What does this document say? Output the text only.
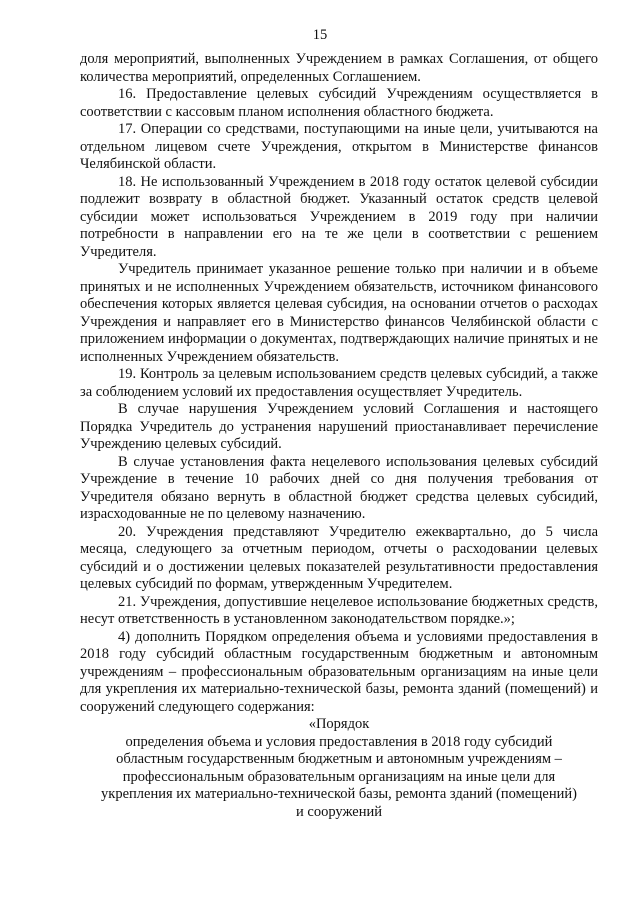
15

доля мероприятий, выполненных Учреждением в рамках Соглашения, от общего количества мероприятий, определенных Соглашением.

16. Предоставление целевых субсидий Учреждениям осуществляется в соответствии с кассовым планом исполнения областного бюджета.

17. Операции со средствами, поступающими на иные цели, учитываются на отдельном лицевом счете Учреждения, открытом в Министерстве финансов Челябинской области.

18. Не использованный Учреждением в 2018 году остаток целевой субсидии подлежит возврату в областной бюджет. Указанный остаток средств целевой субсидии может использоваться Учреждением в 2019 году при наличии потребности в направлении его на те же цели в соответствии с решением Учредителя.

Учредитель принимает указанное решение только при наличии и в объеме принятых и не исполненных Учреждением обязательств, источником финансового обеспечения которых является целевая субсидия, на основании отчетов о расходах Учреждения и направляет его в Министерство финансов Челябинской области с приложением информации о документах, подтверждающих наличие принятых и не исполненных Учреждением обязательств.

19. Контроль за целевым использованием средств целевых субсидий, а также за соблюдением условий их предоставления осуществляет Учредитель.

В случае нарушения Учреждением условий Соглашения и настоящего Порядка Учредитель до устранения нарушений приостанавливает перечисление Учреждению целевых субсидий.

В случае установления факта нецелевого использования целевых субсидий Учреждение в течение 10 рабочих дней со дня получения требования от Учредителя обязано вернуть в областной бюджет средства целевых субсидий, израсходованные не по целевому назначению.

20. Учреждения представляют Учредителю ежеквартально, до 5 числа месяца, следующего за отчетным периодом, отчеты о расходовании целевых субсидий и о достижении целевых показателей результативности предоставления целевых субсидий по формам, утвержденным Учредителем.

21. Учреждения, допустившие нецелевое использование бюджетных средств, несут ответственность в установленном законодательством порядке.»;

4) дополнить Порядком определения объема и условиями предоставления в 2018 году субсидий областным государственным бюджетным и автономным учреждениям – профессиональным образовательным организациям на иные цели для укрепления их материально-технической базы, ремонта зданий (помещений) и сооружений следующего содержания:

«Порядок
определения объема и условия предоставления в 2018 году субсидий
областным государственным бюджетным и автономным учреждениям –
профессиональным образовательным организациям на иные цели для
укрепления их материально-технической базы, ремонта зданий (помещений)
и сооружений
